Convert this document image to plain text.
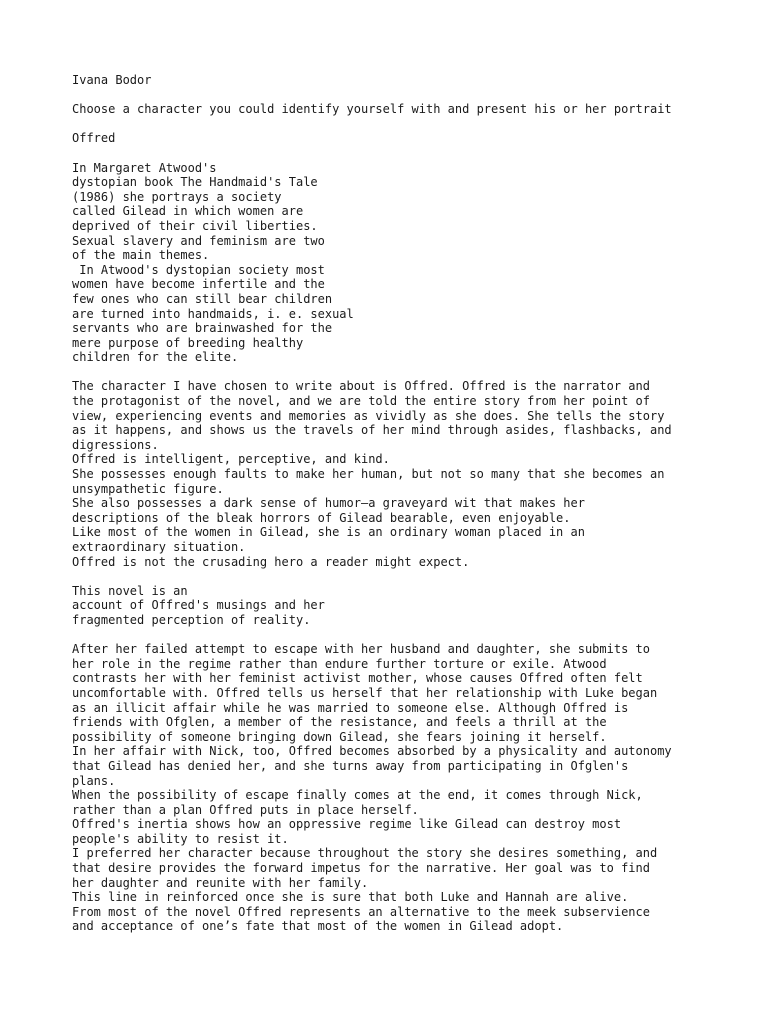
Ivana Bodor
Choose a character you could identify yourself with and present his or her portrait
Offred
In Margaret Atwood's
dystopian book The Handmaid's Tale
(1986) she portrays a society
called Gilead in which women are
deprived of their civil liberties.
Sexual slavery and feminism are two
of the main themes.
In Atwood's dystopian society most
women have become infertile and the
few ones who can still bear children
are turned into handmaids, i. e. sexual
servants who are brainwashed for the
mere purpose of breeding healthy
children for the elite.
The character I have chosen to write about is Offred. Offred is the narrator and
the protagonist of the novel, and we are told the entire story from her point of
view, experiencing events and memories as vividly as she does. She tells the story
as it happens, and shows us the travels of her mind through asides, flashbacks, and
digressions.
Offred is intelligent, perceptive, and kind.
She possesses enough faults to make her human, but not so many that she becomes an
unsympathetic figure.
She also possesses a dark sense of humor—a graveyard wit that makes her
descriptions of the bleak horrors of Gilead bearable, even enjoyable.
Like most of the women in Gilead, she is an ordinary woman placed in an
extraordinary situation.
Offred is not the crusading hero a reader might expect.
This novel is an
account of Offred's musings and her
fragmented perception of reality.
After her failed attempt to escape with her husband and daughter, she submits to
her role in the regime rather than endure further torture or exile. Atwood
contrasts her with her feminist activist mother, whose causes Offred often felt
uncomfortable with. Offred tells us herself that her relationship with Luke began
as an illicit affair while he was married to someone else. Although Offred is
friends with Ofglen, a member of the resistance, and feels a thrill at the
possibility of someone bringing down Gilead, she fears joining it herself.
In her affair with Nick, too, Offred becomes absorbed by a physicality and autonomy
that Gilead has denied her, and she turns away from participating in Ofglen's
plans.
When the possibility of escape finally comes at the end, it comes through Nick,
rather than a plan Offred puts in place herself.
Offred's inertia shows how an oppressive regime like Gilead can destroy most
people's ability to resist it.
I preferred her character because throughout the story she desires something, and
that desire provides the forward impetus for the narrative. Her goal was to find
her daughter and reunite with her family.
This line in reinforced once she is sure that both Luke and Hannah are alive.
From most of the novel Offred represents an alternative to the meek subservience
and acceptance of one’s fate that most of the women in Gilead adopt.
